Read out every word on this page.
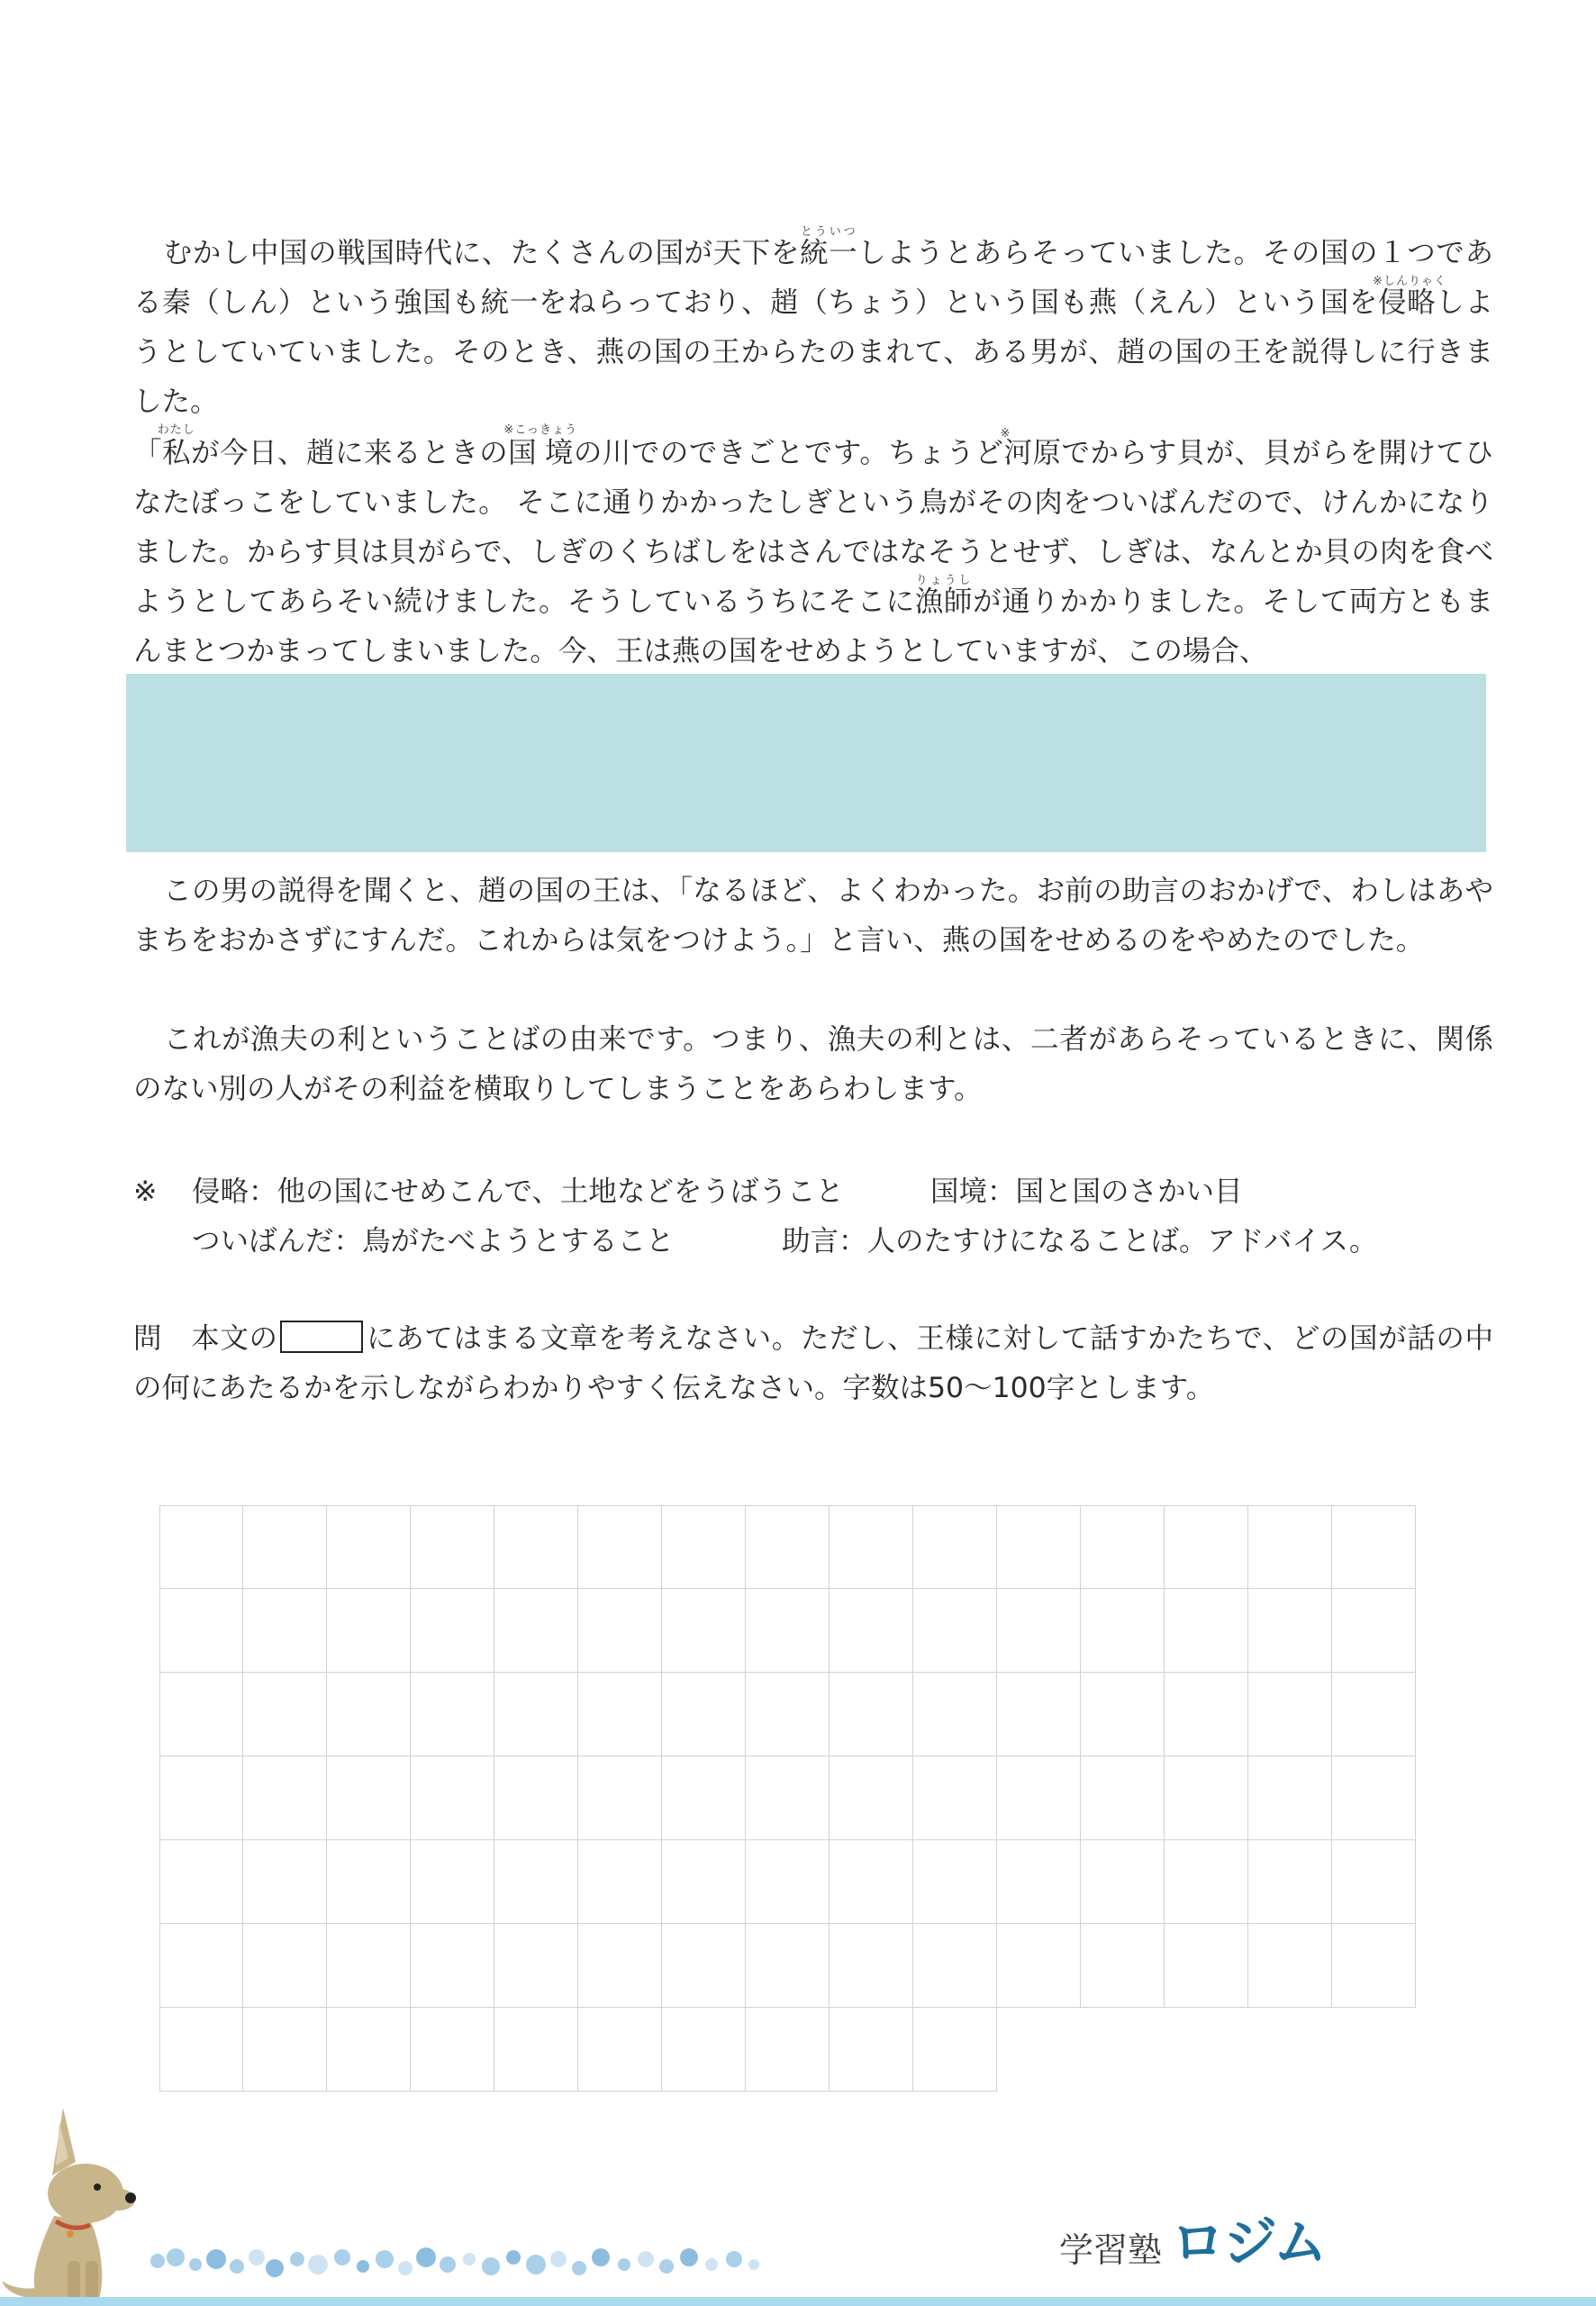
むかし中国の戦国時代に、たくさんの国が天下を統一とういつしようとあらそっていました。その国の１つである秦（しん）という強国も統一をねらっており、趙（ちょう）という国も燕（えん）という国を侵略
※しんりゃく
しようとしていていました。そのとき、燕の国の王からたのまれて、ある男が、趙の国の王を説得しに行きました。

「私わたしが今日、趙に来るときの国境※こっきょうの川でのできごとです。ちょうど
※
河原でからす貝が、貝がらを開けてひなたぼっこをしていました。 そこに通りかかったしぎという鳥がその肉をついばんだので、けんかになりました。からす貝は貝がらで、しぎのくちばしをはさんではなそうとせず、しぎは、なんとか貝の肉を食べようとしてあらそい続けました。そうしているうちにそこに漁師りょうしが通りかかりました。そして両方ともまんまとつかまってしまいました。今、王は燕の国をせめようとしていますが、この場合、

この男の説得を聞くと、趙の国の王は、「なるほど、よくわかった。お前の助言のおかげで、わしはあやまちをおかさずにすんだ。これからは気をつけよう。」と言い、燕の国をせめるのをやめたのでした。

これが漁夫の利ということばの由来です。つまり、漁夫の利とは、二者があらそっているときに、関係のない別の人がその利益を横取りしてしまうことをあらわします。

※ 侵略：他の国にせめこんで、土地などをうばうこと	国境：国と国のさかい目
ついばんだ：鳥がたべようとすること	助言：人のたすけになることば。アドバイス。

問　本文の	にあてはまる文章を考えなさい。ただし、王様に対して話すかたちで、どの国が話の中の何にあたるかを示しながらわかりやすく伝えなさい。字数は50～100字とします。

学習塾 ロジム
